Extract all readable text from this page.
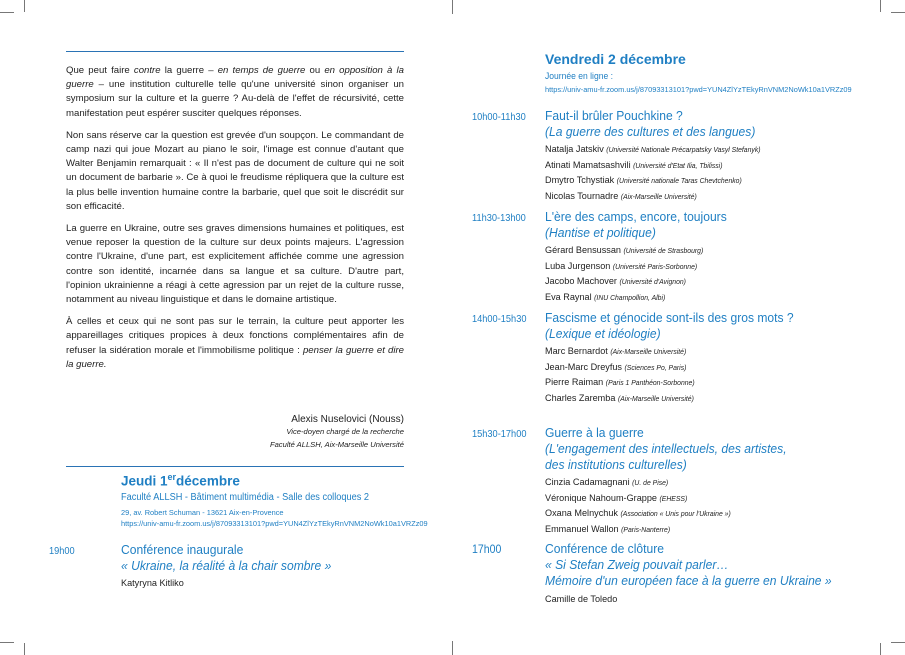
Que peut faire contre la guerre – en temps de guerre ou en opposition à la guerre – une institution culturelle telle qu'une université sinon organiser un symposium sur la culture et la guerre ? Au-delà de l'effet de récursivité, cette manifestation peut espérer susciter quelques réponses.

Non sans réserve car la question est grevée d'un soupçon. Le commandant de camp nazi qui joue Mozart au piano le soir, l'image est connue d'autant que Walter Benjamin remarquait : « Il n'est pas de document de culture qui ne soit un document de barbarie ». Ce à quoi le freudisme répliquera que la culture est la plus belle invention humaine contre la barbarie, quel que soit le discrédit sur son efficacité.

La guerre en Ukraine, outre ses graves dimensions humaines et politiques, est venue reposer la question de la culture sur deux points majeurs. L'agression contre l'Ukraine, d'une part, est explicitement affichée comme une agression contre son identité, incarnée dans sa langue et sa culture. D'autre part, l'opinion ukrainienne a réagi à cette agression par un rejet de la culture russe, notamment au niveau linguistique et dans le domaine artistique.

À celles et ceux qui ne sont pas sur le terrain, la culture peut apporter les appareillages critiques propices à deux fonctions complémentaires afin de refuser la sidération morale et l'immobilisme politique : penser la guerre et dire la guerre.

Alexis Nuselovici (Nouss)
Vice-doyen chargé de la recherche
Faculté ALLSH, Aix-Marseille Université
Jeudi 1erdécembre
Faculté ALLSH - Bâtiment multimédia - Salle des colloques 2
29, av. Robert Schuman - 13621 Aix-en-Provence
https://univ-amu-fr.zoom.us/j/87093313101?pwd=YUN4ZlYzTEkyRnVNM2NoWk10a1VRZz09
19h00	Conférence inaugurale
« Ukraine, la réalité à la chair sombre »
Katyryna Kitliko
Vendredi 2 décembre
Journée en ligne :
https://univ-amu-fr.zoom.us/j/87093313101?pwd=YUN4ZlYzTEkyRnVNM2NoWk10a1VRZz09
10h00-11h30 Faut-il brûler Pouchkine ?
(La guerre des cultures et des langues)
Natalja Jatskiv (Université Nationale Précarpatsky Vasyl Stefanyk)
Atinati Mamatsashvili (Université d'Etat Ilia, Tbilissi)
Dmytro Tchystiak (Université nationale Taras Chevtchenko)
Nicolas Tournadre (Aix-Marseille Université)
11h30-13h00 L'ère des camps, encore, toujours
(Hantise et politique)
Gérard Bensussan (Université de Strasbourg)
Luba Jurgenson (Université Paris-Sorbonne)
Jacobo Machover (Université d'Avignon)
Eva Raynal (INU Champollion, Albi)
14h00-15h30 Fascisme et génocide sont-ils des gros mots ?
(Lexique et idéologie)
Marc Bernardot (Aix-Marseille Université)
Jean-Marc Dreyfus (Sciences Po, Paris)
Pierre Raiman (Paris 1 Panthéon-Sorbonne)
Charles Zaremba (Aix-Marseille Université)
15h30-17h00 Guerre à la guerre
(L'engagement des intellectuels, des artistes,
des institutions culturelles)
Cinzia Cadamagnani (U. de Pise)
Véronique Nahoum-Grappe (EHESS)
Oxana Melnychuk (Association « Unis pour l'Ukraine »)
Emmanuel Wallon (Paris-Nanterre)
17h00	Conférence de clôture
« Si Stefan Zweig pouvait parler…
Mémoire d'un européen face à la guerre en Ukraine »
Camille de Toledo
